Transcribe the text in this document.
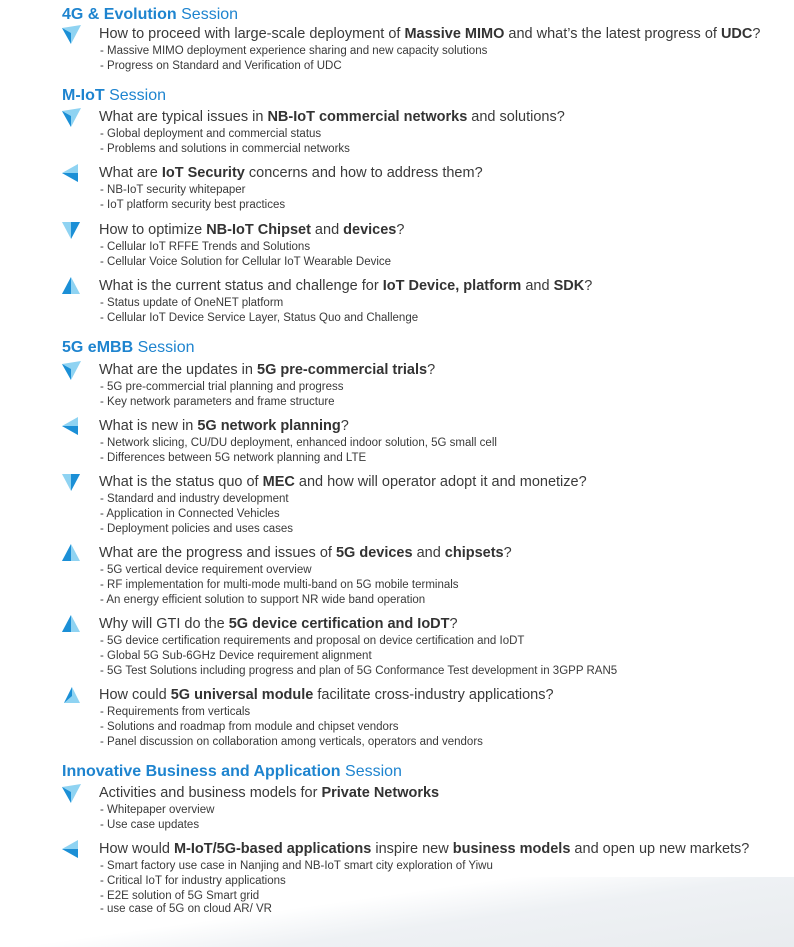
4G & Evolution Session
How to proceed with large-scale deployment of Massive MIMO and what’s the latest progress of UDC?
- Massive MIMO deployment experience sharing and new capacity solutions
- Progress on Standard and Verification of UDC
M-IoT Session
What are typical issues in NB-IoT commercial networks and solutions?
- Global deployment and commercial status
- Problems and solutions in commercial networks
What are IoT Security concerns and how to address them?
- NB-IoT security whitepaper
- IoT platform security best practices
How to optimize NB-IoT Chipset and devices?
- Cellular IoT RFFE Trends and Solutions
- Cellular Voice Solution for Cellular IoT Wearable Device
What is the current status and challenge for IoT Device, platform and SDK?
- Status update of OneNET platform
- Cellular IoT Device Service Layer, Status Quo and Challenge
5G eMBB Session
What are the updates in 5G pre-commercial trials?
- 5G pre-commercial trial planning and progress
- Key network parameters and frame structure
What is new in 5G network planning?
- Network slicing, CU/DU deployment, enhanced indoor solution, 5G small cell
- Differences between 5G network planning and LTE
What is the status quo of MEC and how will operator adopt it and monetize?
- Standard and industry development
- Application in Connected Vehicles
- Deployment policies and uses cases
What are the progress and issues of 5G devices and chipsets?
- 5G vertical device requirement overview
- RF implementation for multi-mode multi-band on 5G mobile terminals
- An energy efficient solution to support NR wide band operation
Why will GTI do the 5G device certification and IoDT?
- 5G device certification requirements and proposal on device certification and IoDT
- Global 5G Sub-6GHz Device requirement alignment
- 5G Test Solutions including progress and plan of 5G Conformance Test development in 3GPP RAN5
How could 5G universal module facilitate cross-industry applications?
- Requirements from verticals
- Solutions and roadmap from module and chipset vendors
- Panel discussion on collaboration among verticals, operators and vendors
Innovative Business and Application Session
Activities and business models for Private Networks
- Whitepaper overview
- Use case updates
How would M-IoT/5G-based applications inspire new business models and open up new markets?
- Smart factory use case in Nanjing and NB-IoT smart city exploration of Yiwu
- Critical IoT for industry applications
- E2E solution of 5G Smart grid
- use case of 5G on cloud AR/ VR
